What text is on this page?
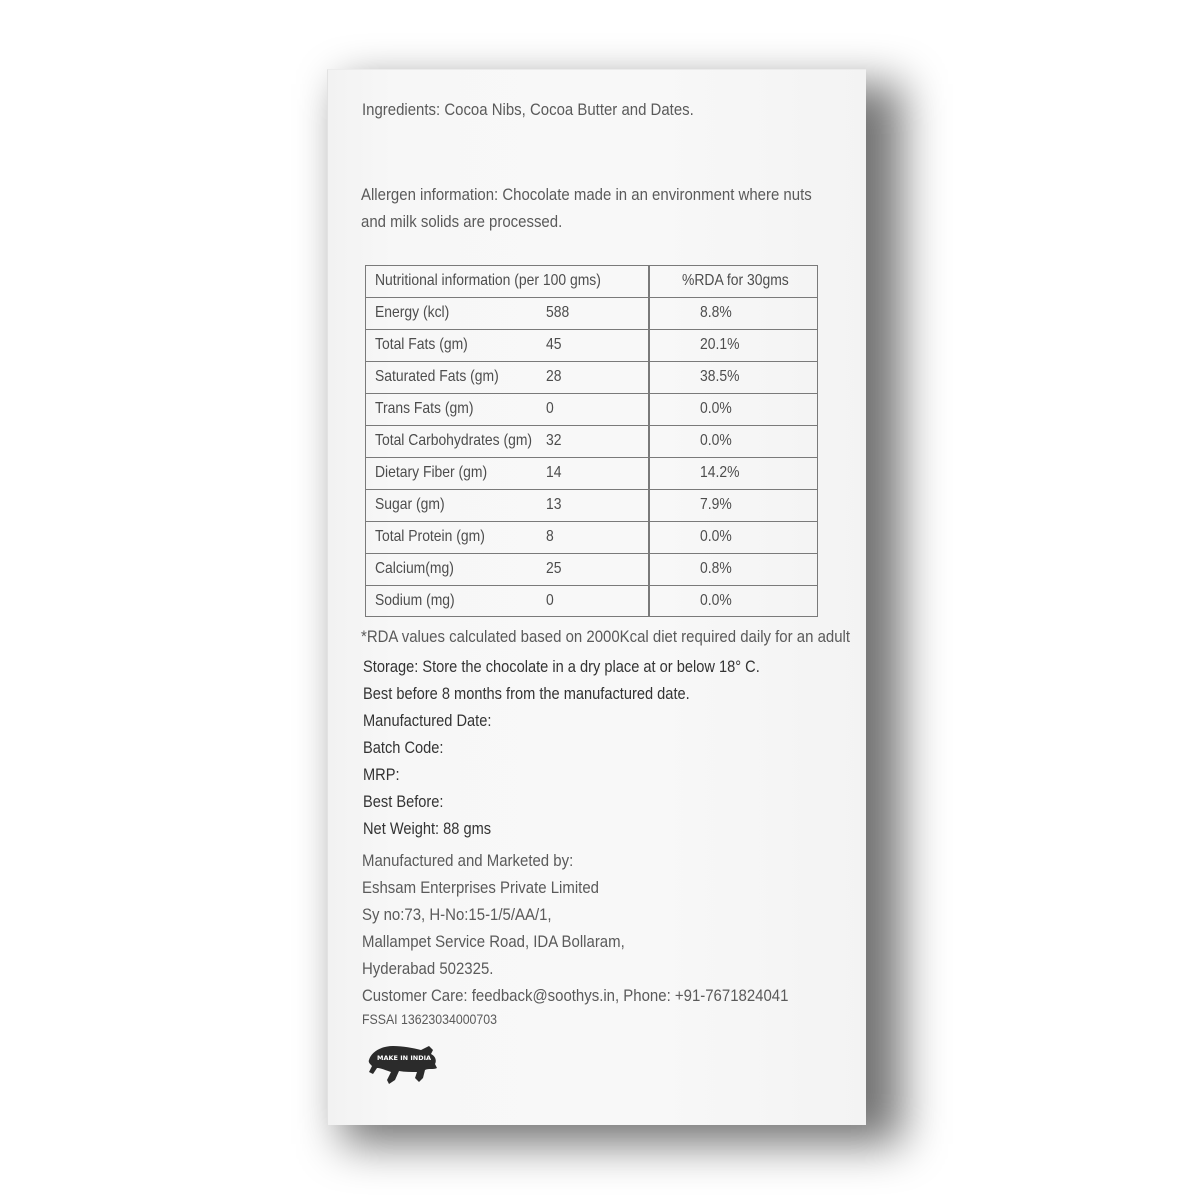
Ingredients: Cocoa Nibs, Cocoa Butter and Dates.
Allergen information: Chocolate made in an environment where nuts
and milk solids are processed.
Nutritional information (per 100 gms)	%RDA for 30gms
Energy (kcl)	588	8.8%
Total Fats (gm)	45	20.1%
Saturated Fats (gm)	28	38.5%
Trans Fats (gm)	0	0.0%
Total Carbohydrates (gm) 32	0.0%
Dietary Fiber (gm)	14	14.2%
Sugar (gm)	13	7.9%
Total Protein (gm)	8	0.0%
Calcium(mg)	25	0.8%
Sodium (mg)	0	0.0%
*RDA values calculated based on 2000Kcal diet required daily for an adult
Storage: Store the chocolate in a dry place at or below 18° C.
Best before 8 months from the manufactured date.
Manufactured Date:
Batch Code:
MRP:
Best Before:
Net Weight: 88 gms
Manufactured and Marketed by:
Eshsam Enterprises Private Limited
Sy no:73, H-No:15-1/5/AA/1,
Mallampet Service Road, IDA Bollaram,
Hyderabad 502325.
Customer Care: feedback@soothys.in, Phone: +91-7671824041
FSSAI 13623034000703
MAKE IN INDIA
